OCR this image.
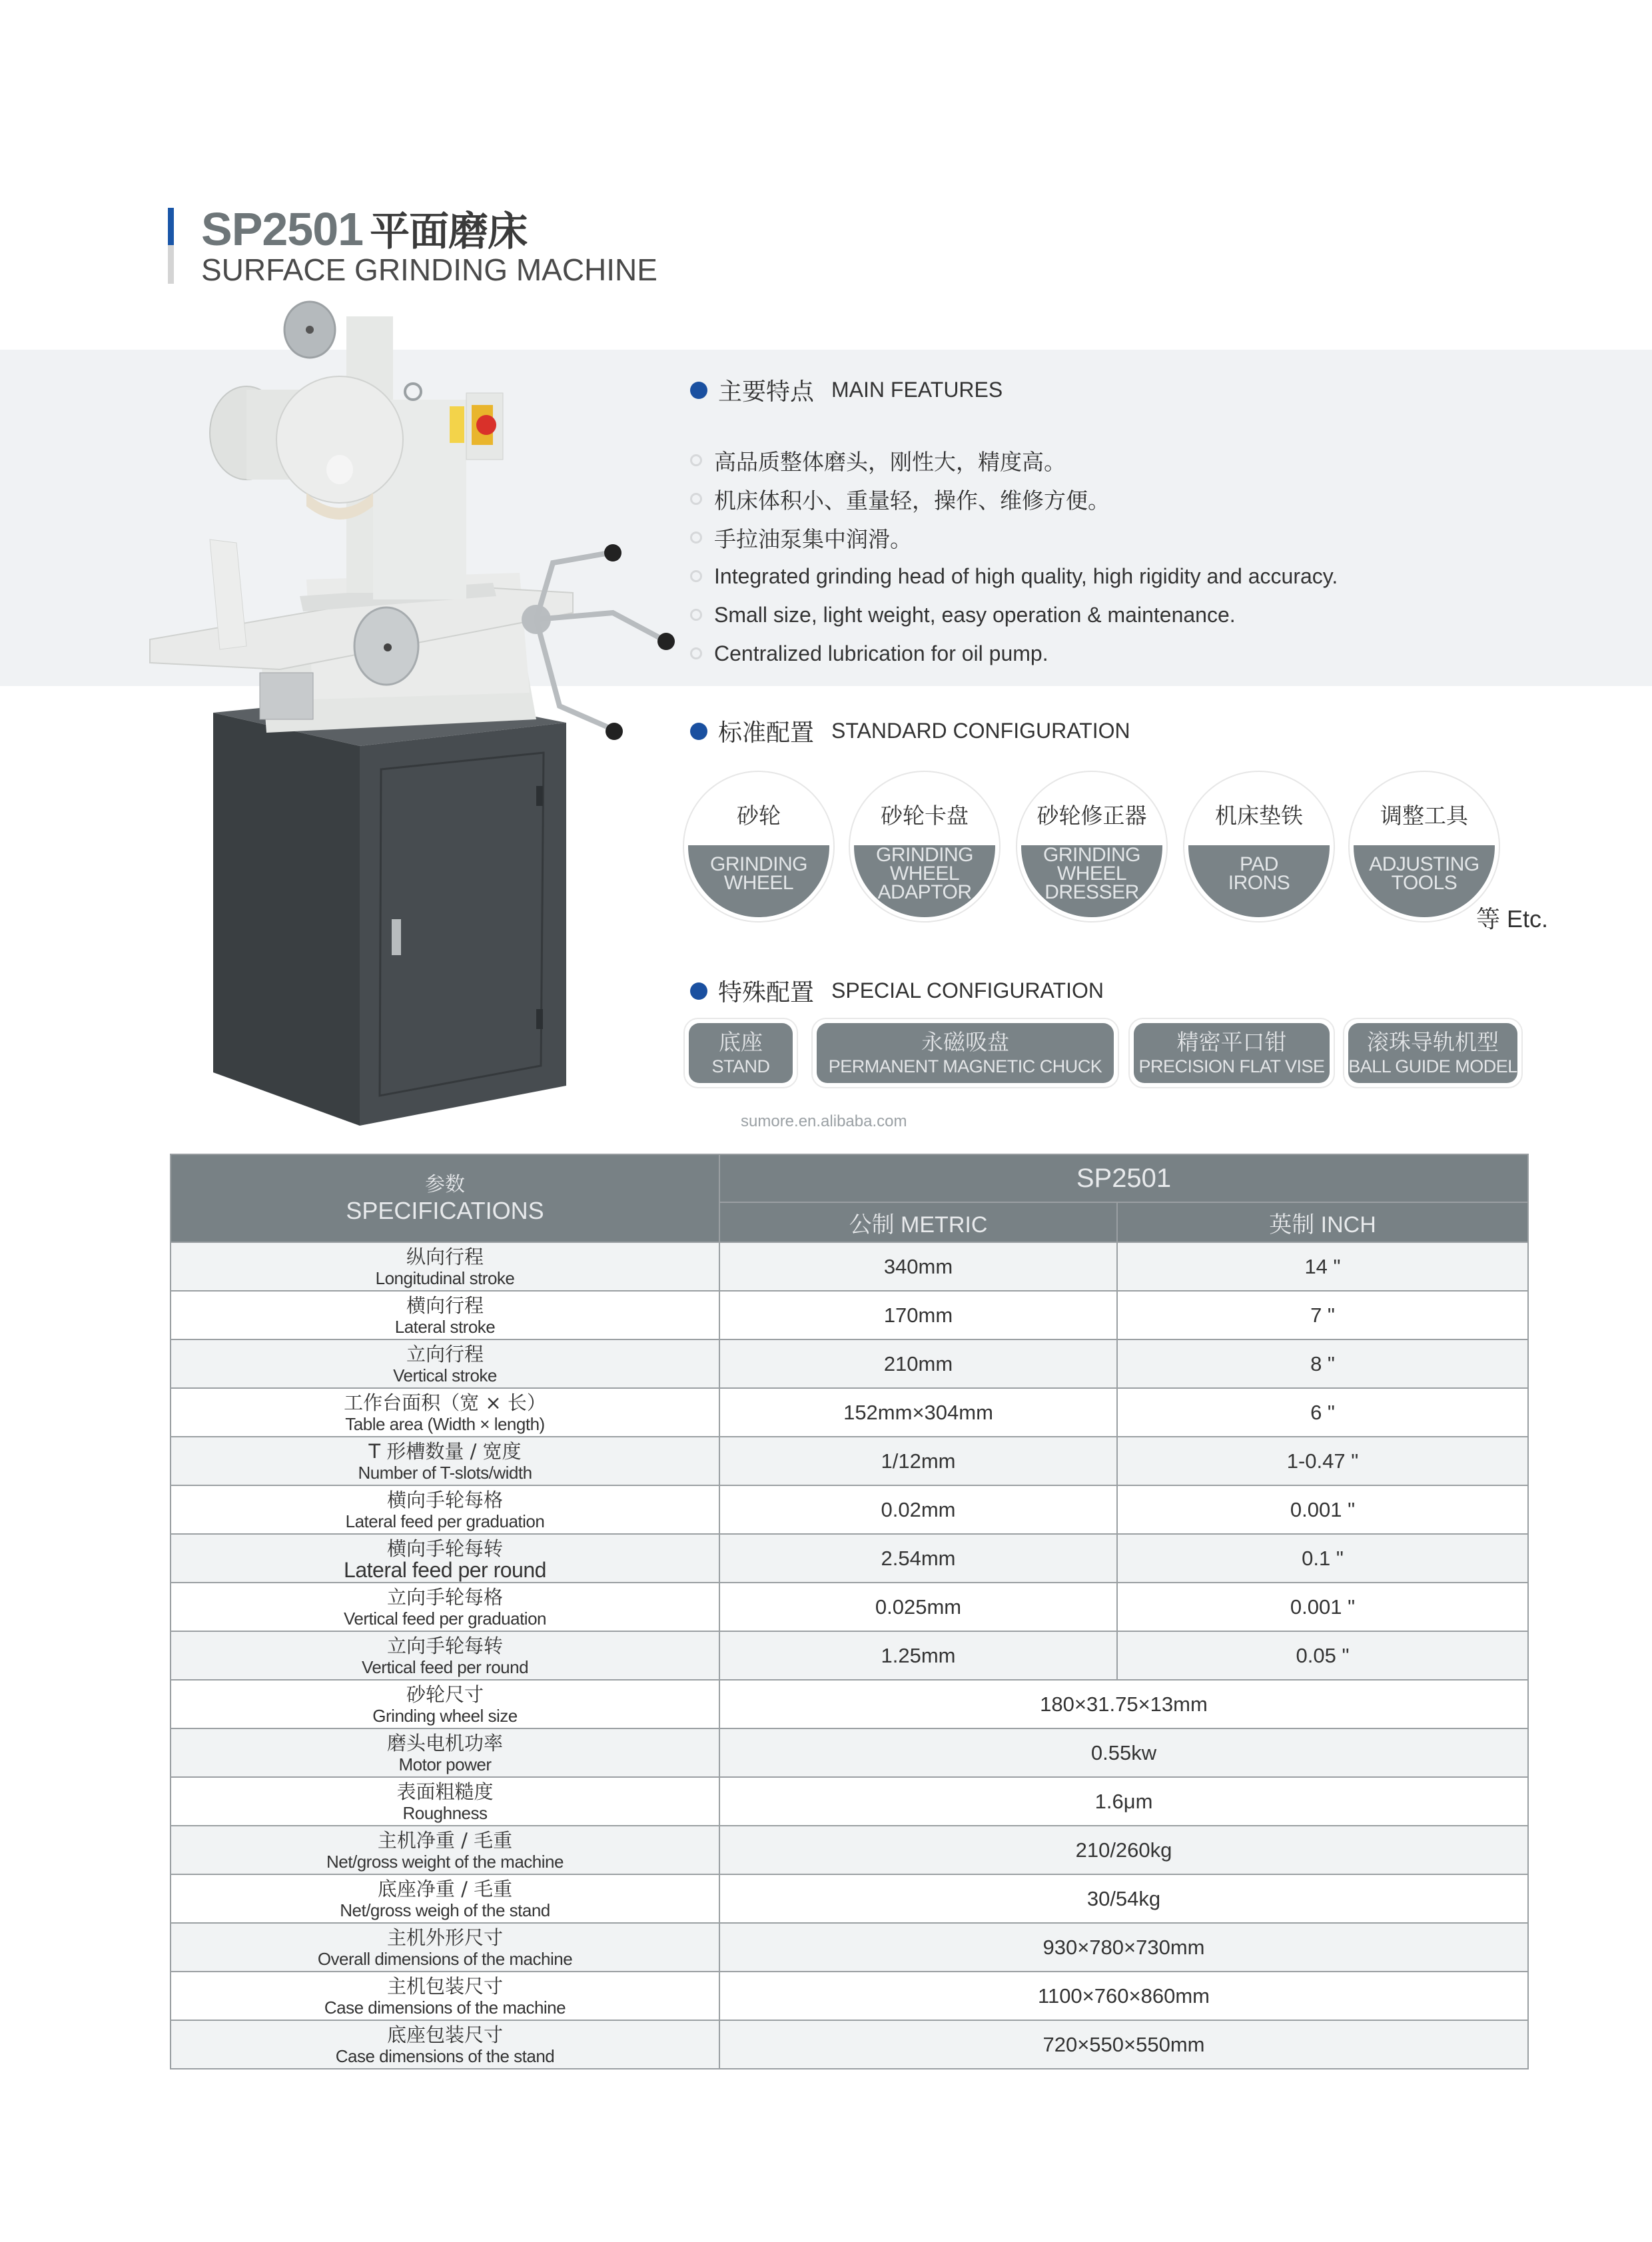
SP2501 平面磨床
SURFACE GRINDING MACHINE
主要特点 MAIN FEATURES
高品质整体磨头，刚性大，精度高。
机床体积小、重量轻，操作、维修方便。
手拉油泵集中润滑。
Integrated grinding head of high quality, high rigidity and accuracy.
Small size, light weight, easy operation & maintenance.
Centralized lubrication for oil pump.
标准配置 STANDARD CONFIGURATION
砂轮
GRINDING
WHEEL
砂轮卡盘
GRINDING
WHEEL
ADAPTOR
砂轮修正器
GRINDING
WHEEL
DRESSER
机床垫铁
PAD
IRONS
调整工具
ADJUSTING
TOOLS
等 Etc.
特殊配置 SPECIAL CONFIGURATION
底座
STAND
永磁吸盘
PERMANENT MAGNETIC CHUCK
精密平口钳
PRECISION FLAT VISE
滚珠导轨机型
BALL GUIDE MODEL
sumore.en.alibaba.com
参数
SPECIFICATIONS	SP2501	
	公制 METRIC	英制 INCH

纵向行程
Longitudinal stroke	340mm	14 "

横向行程
Lateral stroke	170mm	7 "

立向行程
Vertical stroke	210mm	8 "

工作台面积（宽 × 长）
Table area (Width × length)	152mm×304mm	6 "

T 形槽数量 / 宽度
Number of T-slots/width	1/12mm	1-0.47 "

横向手轮每格
Lateral feed per graduation	0.02mm	0.001 "

横向手轮每转
Lateral feed per round	2.54mm	0.1 "

立向手轮每格
Vertical feed per graduation	0.025mm	0.001 "

立向手轮每转
Vertical feed per round	1.25mm	0.05 "

砂轮尺寸
Grinding wheel size	180×31.75×13mm	

磨头电机功率
Motor power	0.55kw	

表面粗糙度
Roughness	1.6μm	

主机净重 / 毛重
Net/gross weight of the machine	210/260kg	

底座净重 / 毛重
Net/gross weigh of the stand	30/54kg	

主机外形尺寸
Overall dimensions of the machine	930×780×730mm	

主机包装尺寸
Case dimensions of the machine	1100×760×860mm	

底座包装尺寸
Case dimensions of the stand	720×550×550mm	
